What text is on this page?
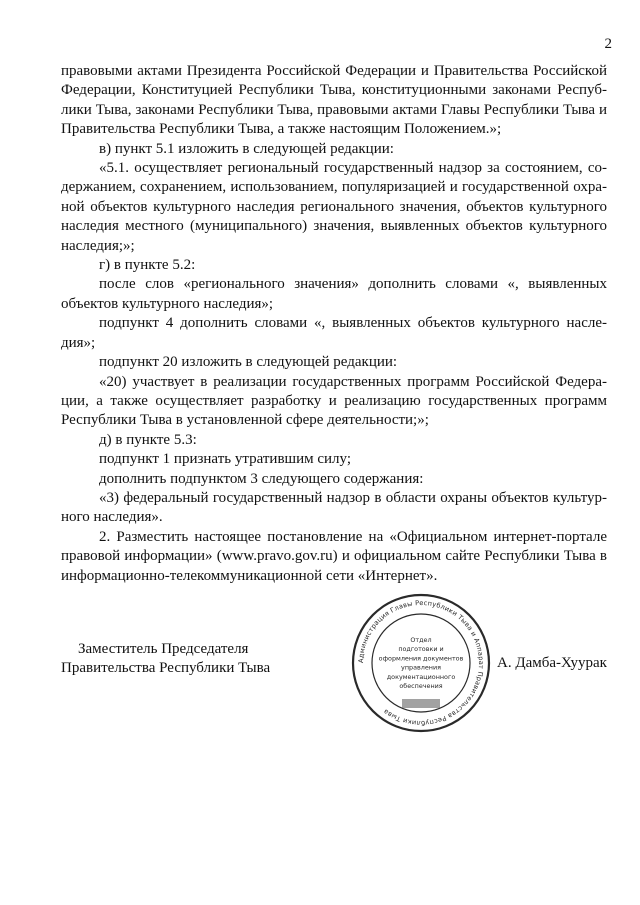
2

правовыми актами Президента Российской Федерации и Правительства Российской Федерации, Конституцией Республики Тыва, конституционными законами Республики Тыва, законами Республики Тыва, правовыми актами Главы Республики Тыва и Правительства Республики Тыва, а также настоящим Положением.»;

в) пункт 5.1 изложить в следующей редакции:

«5.1. осуществляет региональный государственный надзор за состоянием, содержанием, сохранением, использованием, популяризацией и государственной охраной объектов культурного наследия регионального значения, объектов культурного наследия местного (муниципального) значения, выявленных объектов культурного наследия;»;

г) в пункте 5.2:

после слов «регионального значения» дополнить словами «, выявленных объектов культурного наследия»;

подпункт 4 дополнить словами «, выявленных объектов культурного наследия»;

подпункт 20 изложить в следующей редакции:

«20) участвует в реализации государственных программ Российской Федерации, а также осуществляет разработку и реализацию государственных программ Республики Тыва в установленной сфере деятельности;»;

д) в пункте 5.3:

подпункт 1 признать утратившим силу;

дополнить подпунктом 3 следующего содержания:

«3) федеральный государственный надзор в области охраны объектов культурного наследия».

2. Разместить настоящее постановление на «Официальном интернет-портале правовой информации» (www.pravo.gov.ru) и официальном сайте Республики Тыва в информационно-телекоммуникационной сети «Интернет».

Заместитель Председателя
Правительства Республики Тыва	Администрация Главы Республики Тыва и Аппарат Правительства Республики Тыва
Отдел
подготовки и
оформления документов
управления
документационного
обеспечения
А. Дамба-Хуурак
